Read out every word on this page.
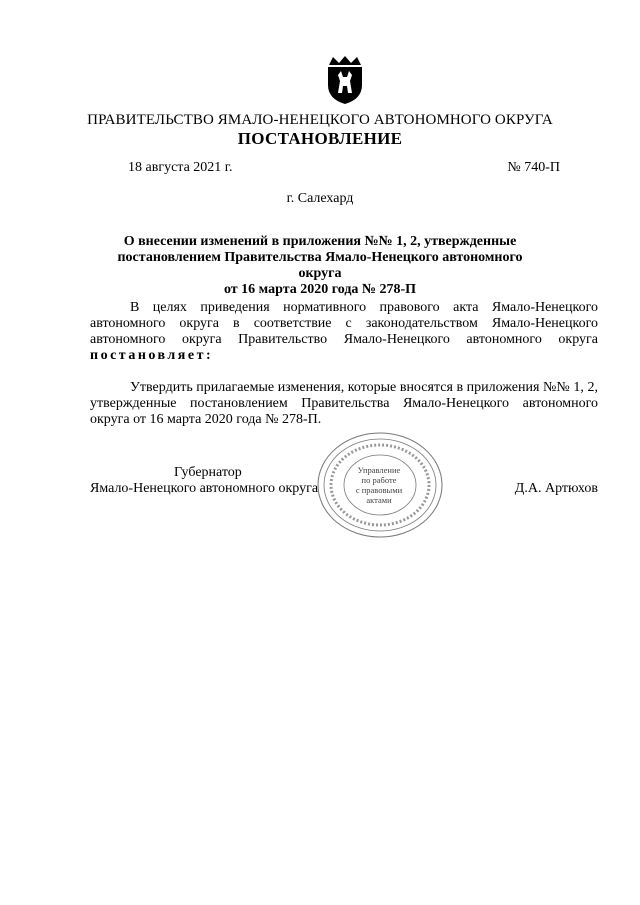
ПРАВИТЕЛЬСТВО ЯМАЛО-НЕНЕЦКОГО АВТОНОМНОГО ОКРУГА
ПОСТАНОВЛЕНИЕ
18 августа 2021 г.	№ 740-П
г. Салехард
О внесении изменений в приложения №№ 1, 2, утвержденные
постановлением Правительства Ямало-Ненецкого автономного округа
от 16 марта 2020 года № 278-П
В целях приведения нормативного правового акта Ямало-Ненецкого автономного округа в соответствие с законодательством Ямало-Ненецкого автономного округа Правительство Ямало-Ненецкого автономного округа постановляет:
Утвердить прилагаемые изменения, которые вносятся в приложения №№ 1, 2, утвержденные постановлением Правительства Ямало-Ненецкого автономного округа от 16 марта 2020 года № 278-П.
Губернатор
Ямало-Ненецкого автономного округа	Д.А. Артюхов
Управление
по работе
с правовыми
актами
